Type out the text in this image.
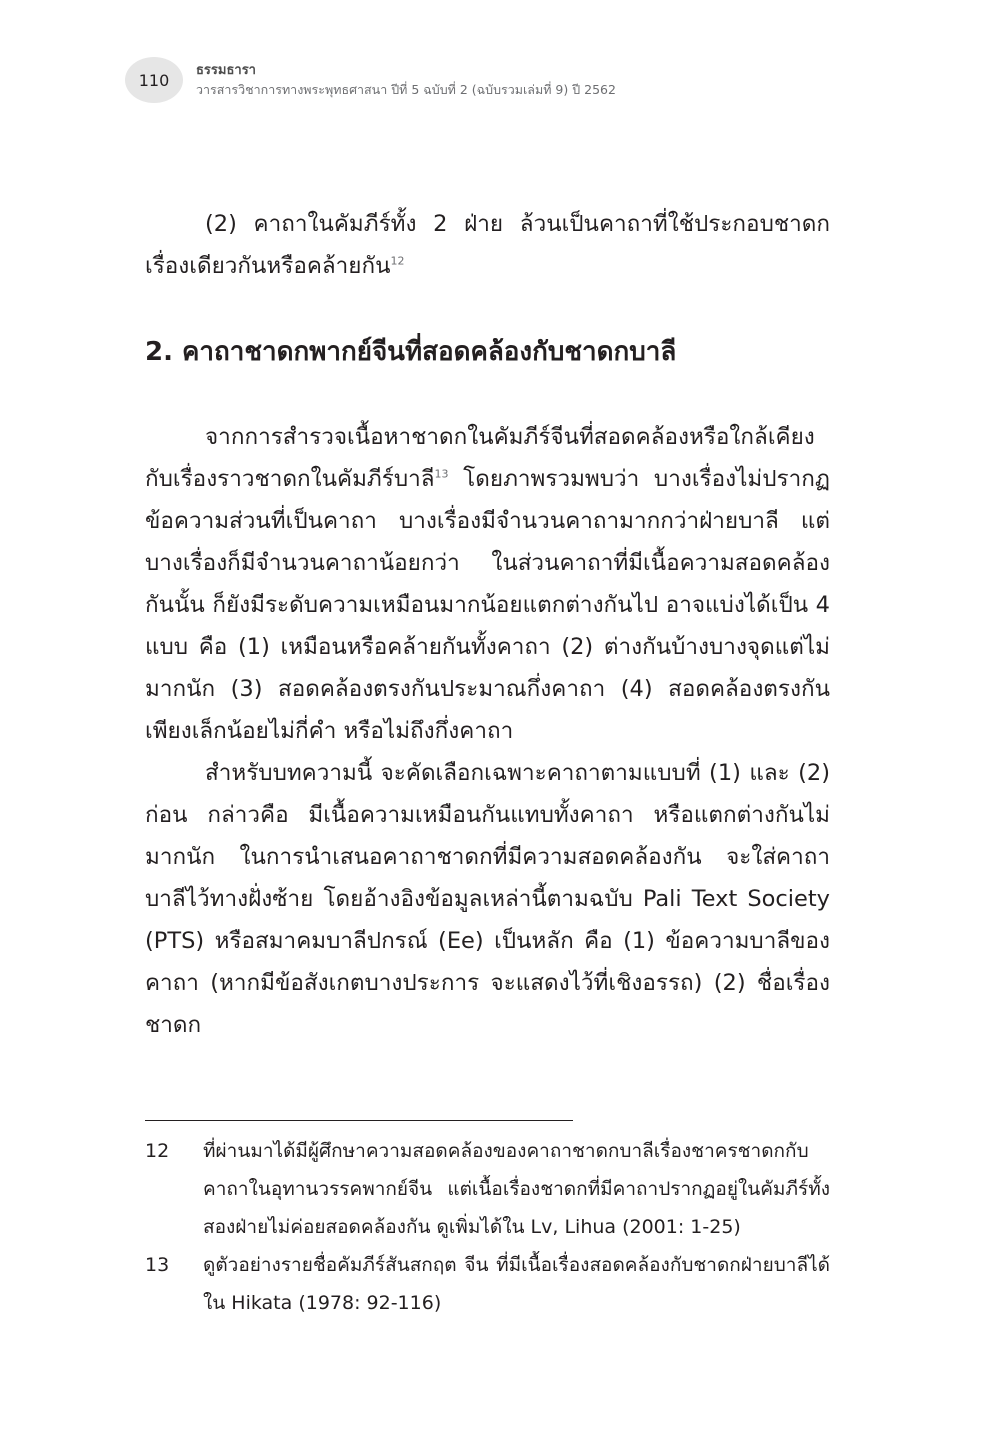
110 ธรรมธารา
วารสารวิชาการทางพระพุทธศาสนา ปีที่ 5 ฉบับที่ 2 (ฉบับรวมเล่มที่ 9) ปี 2562

(2) คาถาในคัมภีร์ทั้ง 2 ฝ่าย ล้วนเป็นคาถาที่ใช้ประกอบชาดกเรื่องเดียวกันหรือคล้ายกัน$^{12}$

2. คาถาชาดกพากย์จีนที่สอดคล้องกับชาดกบาลี

จากการสำรวจเนื้อหาชาดกในคัมภีร์จีนที่สอดคล้องหรือใกล้เคียงกับเรื่องราวชาดกในคัมภีร์บาลี$^{13}$ โดยภาพรวมพบว่า บางเรื่องไม่ปรากฏข้อความส่วนที่เป็นคาถา บางเรื่องมีจำนวนคาถามากกว่าฝ่ายบาลี แต่บางเรื่องก็มีจำนวนคาถาน้อยกว่า ในส่วนคาถาที่มีเนื้อความสอดคล้องกันนั้น ก็ยังมีระดับความเหมือนมากน้อยแตกต่างกันไป อาจแบ่งได้เป็น 4 แบบ คือ (1) เหมือนหรือคล้ายกันทั้งคาถา (2) ต่างกันบ้างบางจุดแต่ไม่มากนัก (3) สอดคล้องตรงกันประมาณกึ่งคาถา (4) สอดคล้องตรงกันเพียงเล็กน้อยไม่กี่คำ หรือไม่ถึงกึ่งคาถา

สำหรับบทความนี้ จะคัดเลือกเฉพาะคาถาตามแบบที่ (1) และ (2) ก่อน กล่าวคือ มีเนื้อความเหมือนกันแทบทั้งคาถา หรือแตกต่างกันไม่มากนัก ในการนำเสนอคาถาชาดกที่มีความสอดคล้องกัน จะใส่คาถาบาลีไว้ทางฝั่งซ้าย โดยอ้างอิงข้อมูลเหล่านี้ตามฉบับ Pali Text Society (PTS) หรือสมาคมบาลีปกรณ์ (Ee) เป็นหลัก คือ (1) ข้อความบาลีของคาถา (หากมีข้อสังเกตบางประการ จะแสดงไว้ที่เชิงอรรถ) (2) ชื่อเรื่องชาดก

12	ที่ผ่านมาได้มีผู้ศึกษาความสอดคล้องของคาถาชาดกบาลีเรื่องชาครชาดกกับคาถาในอุทานวรรคพากย์จีน แต่เนื้อเรื่องชาดกที่มีคาถาปรากฏอยู่ในคัมภีร์ทั้งสองฝ่ายไม่ค่อยสอดคล้องกัน ดูเพิ่มได้ใน Lv, Lihua (2001: 1-25)
13	ดูตัวอย่างรายชื่อคัมภีร์สันสกฤต จีน ที่มีเนื้อเรื่องสอดคล้องกับชาดกฝ่ายบาลีได้ใน Hikata (1978: 92-116)
